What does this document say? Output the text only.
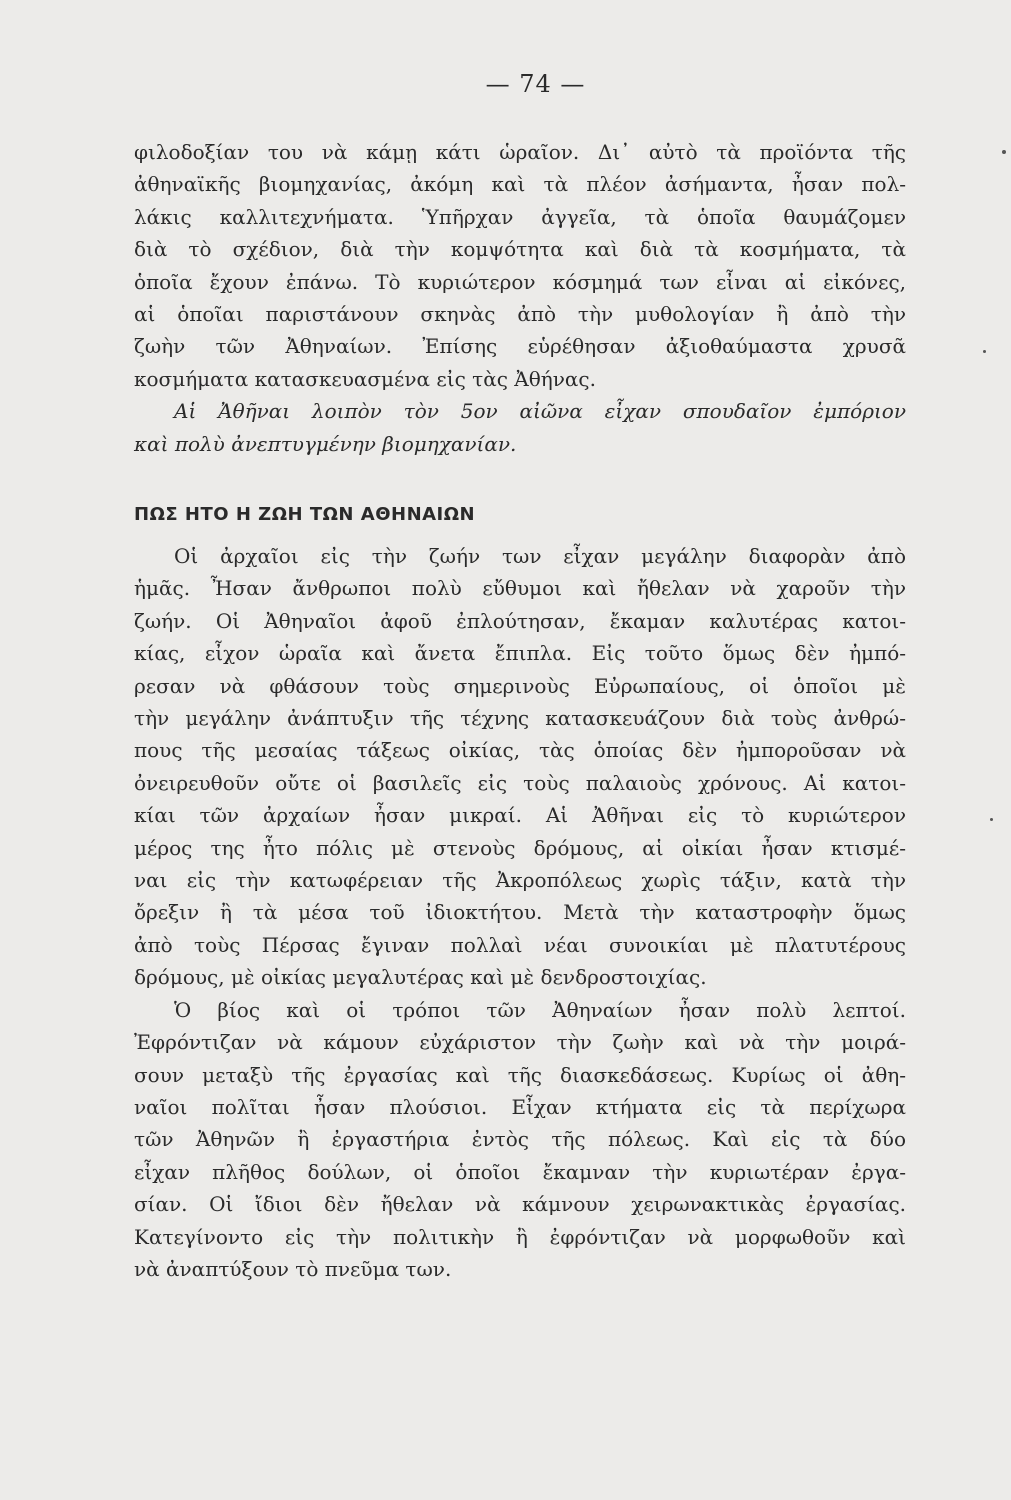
— 74 —
φιλοδοξίαν του νὰ κάμῃ κάτι ὡραῖον. Δι᾿ αὐτὸ τὰ προϊόντα τῆς
ἀθηναϊκῆς βιομηχανίας, ἀκόμη καὶ τὰ πλέον ἀσήμαντα, ἦσαν πολ-
λάκις καλλιτεχνήματα. Ὑπῆρχαν ἀγγεῖα, τὰ ὁποῖα θαυμάζομεν
διὰ τὸ σχέδιον, διὰ τὴν κομψότητα καὶ διὰ τὰ κοσμήματα, τὰ
ὁποῖα ἔχουν ἐπάνω. Τὸ κυριώτερον κόσμημά των εἶναι αἱ εἰκόνες,
αἱ ὁποῖαι παριστάνουν σκηνὰς ἀπὸ τὴν μυθολογίαν ἢ ἀπὸ τὴν
ζωὴν τῶν Ἀθηναίων. Ἐπίσης εὑρέθησαν ἀξιοθαύμαστα χρυσᾶ
κοσμήματα κατασκευασμένα εἰς τὰς Ἀθήνας.
Αἱ Ἀθῆναι λοιπὸν τὸν 5ον αἰῶνα εἶχαν σπουδαῖον ἐμπόριον
καὶ πολὺ ἀνεπτυγμένην βιομηχανίαν.
ΠΩΣ ΗΤΟ Η ΖΩΗ ΤΩΝ ΑΘΗΝΑΙΩΝ
Οἱ ἀρχαῖοι εἰς τὴν ζωήν των εἶχαν μεγάλην διαφορὰν ἀπὸ
ἡμᾶς. Ἦσαν ἄνθρωποι πολὺ εὔθυμοι καὶ ἤθελαν νὰ χαροῦν τὴν
ζωήν. Οἱ Ἀθηναῖοι ἀφοῦ ἐπλούτησαν, ἔκαμαν καλυτέρας κατοι-
κίας, εἶχον ὡραῖα καὶ ἄνετα ἔπιπλα. Εἰς τοῦτο ὅμως δὲν ἠμπό-
ρεσαν νὰ φθάσουν τοὺς σημερινοὺς Εὐρωπαίους, οἱ ὁποῖοι μὲ
τὴν μεγάλην ἀνάπτυξιν τῆς τέχνης κατασκευάζουν διὰ τοὺς ἀνθρώ-
πους τῆς μεσαίας τάξεως οἰκίας, τὰς ὁποίας δὲν ἠμποροῦσαν νὰ
ὀνειρευθοῦν οὔτε οἱ βασιλεῖς εἰς τοὺς παλαιοὺς χρόνους. Αἱ κατοι-
κίαι τῶν ἀρχαίων ἦσαν μικραί. Αἱ Ἀθῆναι εἰς τὸ κυριώτερον
μέρος της ἦτο πόλις μὲ στενοὺς δρόμους, αἱ οἰκίαι ἦσαν κτισμέ-
ναι εἰς τὴν κατωφέρειαν τῆς Ἀκροπόλεως χωρὶς τάξιν, κατὰ τὴν
ὄρεξιν ἢ τὰ μέσα τοῦ ἰδιοκτήτου. Μετὰ τὴν καταστροφὴν ὅμως
ἀπὸ τοὺς Πέρσας ἔγιναν πολλαὶ νέαι συνοικίαι μὲ πλατυτέρους
δρόμους, μὲ οἰκίας μεγαλυτέρας καὶ μὲ δενδροστοιχίας.
Ὁ βίος καὶ οἱ τρόποι τῶν Ἀθηναίων ἦσαν πολὺ λεπτοί.
Ἐφρόντιζαν νὰ κάμουν εὐχάριστον τὴν ζωὴν καὶ νὰ τὴν μοιρά-
σουν μεταξὺ τῆς ἐργασίας καὶ τῆς διασκεδάσεως. Κυρίως οἱ ἀθη-
ναῖοι πολῖται ἦσαν πλούσιοι. Εἶχαν κτήματα εἰς τὰ περίχωρα
τῶν Ἀθηνῶν ἢ ἐργαστήρια ἐντὸς τῆς πόλεως. Καὶ εἰς τὰ δύο
εἶχαν πλῆθος δούλων, οἱ ὁποῖοι ἔκαμναν τὴν κυριωτέραν ἐργα-
σίαν. Οἱ ἴδιοι δὲν ἤθελαν νὰ κάμνουν χειρωνακτικὰς ἐργασίας.
Κατεγίνοντο εἰς τὴν πολιτικὴν ἢ ἐφρόντιζαν νὰ μορφωθοῦν καὶ
νὰ ἀναπτύξουν τὸ πνεῦμα των.
